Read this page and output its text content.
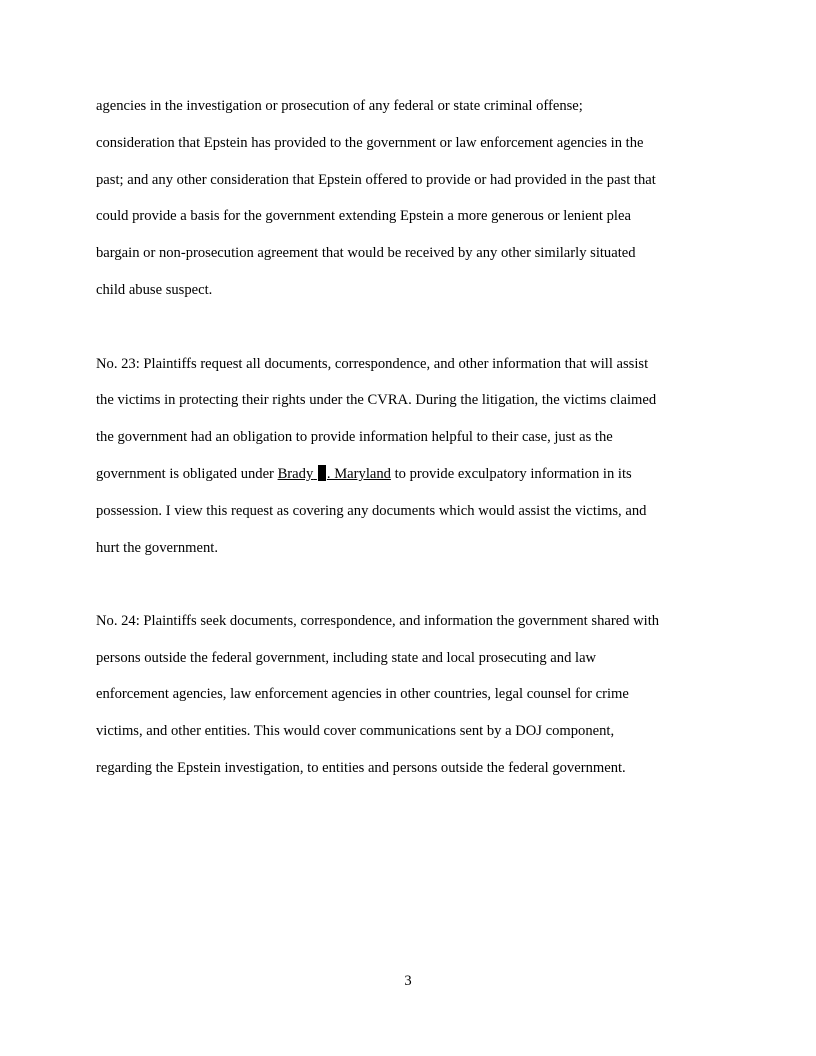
agencies in the investigation or prosecution of any federal or state criminal offense;

consideration that Epstein has provided to the government or law enforcement agencies in the

past; and any other consideration that Epstein offered to provide or had provided in the past that

could provide a basis for the government extending Epstein a more generous or lenient plea

bargain or non-prosecution agreement that would be received by any other similarly situated

child abuse suspect.

No. 23: Plaintiffs request all documents, correspondence, and other information that will assist

the victims in protecting their rights under the CVRA. During the litigation, the victims claimed

the government had an obligation to provide information helpful to their case, just as the

government is obligated under Brady . Maryland to provide exculpatory information in its

possession. I view this request as covering any documents which would assist the victims, and

hurt the government.

No. 24: Plaintiffs seek documents, correspondence, and information the government shared with

persons outside the federal government, including state and local prosecuting and law

enforcement agencies, law enforcement agencies in other countries, legal counsel for crime

victims, and other entities. This would cover communications sent by a DOJ component,

regarding the Epstein investigation, to entities and persons outside the federal government.

3
